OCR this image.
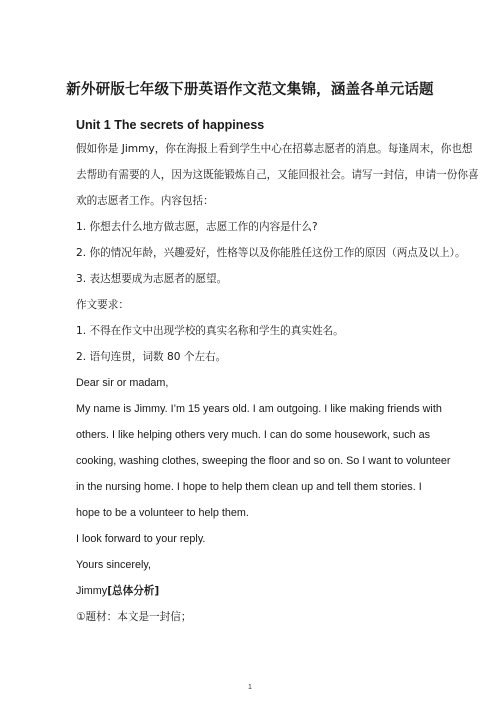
新外研版七年级下册英语作文范文集锦，涵盖各单元话题
Unit 1 The secrets of happiness
假如你是 Jimmy，你在海报上看到学生中心在招募志愿者的消息。每逢周末，你也想
去帮助有需要的人，因为这既能锻炼自己，又能回报社会。请写一封信，申请一份你喜
欢的志愿者工作。内容包括：
1. 你想去什么地方做志愿，志愿工作的内容是什么?
2. 你的情况年龄，兴趣爱好，性格等以及你能胜任这份工作的原因（两点及以上）。
3. 表达想要成为志愿者的愿望。
作文要求：
1. 不得在作文中出现学校的真实名称和学生的真实姓名。
2. 语句连贯，词数 80 个左右。
Dear sir or madam,
My name is Jimmy. I’m 15 years old. I am outgoing. I like making friends with
others. I like helping others very much. I can do some housework, such as
cooking, washing clothes, sweeping the floor and so on. So I want to volunteer
in the nursing home. I hope to help them clean up and tell them stories. I
hope to be a volunteer to help them.
I look forward to your reply.
Yours sincerely,
Jimmy[总体分析]
①题材：本文是一封信；
1
